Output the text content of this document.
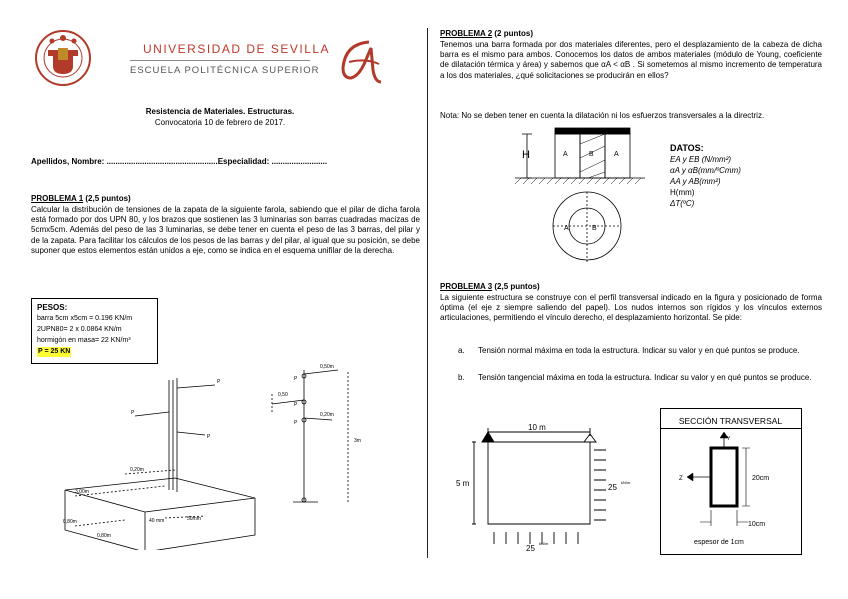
UNIVERSIDAD DE SEVILLA
ESCUELA POLITÉCNICA SUPERIOR
Resistencia de Materiales. Estructuras.
Convocatoria 10 de febrero de 2017.
Apellidos, Nombre: ..................................................Especialidad: .........................
PROBLEMA 1 (2,5 puntos)
Calcular la distribución de tensiones de la zapata de la siguiente farola, sabiendo que el pilar de dicha farola está formado por dos UPN 80, y los brazos que sostienen las 3 luminarias son barras cuadradas macizas de 5cmx5cm. Además del peso de las 3 luminarias, se debe tener en cuenta el peso de las 3 barras, del pilar y de la zapata. Para facilitar los cálculos de los pesos de las barras y del pilar, al igual que su posición, se debe suponer que estos elementos están unidos a eje, como se indica en el esquema unifilar de la derecha.
PESOS:
barra 5cm x5cm = 0.196 KN/m
2UPN80= 2 x 0.0864 KN/m
hormigón en masa= 22 KN/m³
P = 25 KN
P
P
P
0,20m
3.00m
0,80m
0,80m
40 mm	50mm
P
P
P
0,50m
0,50
0,20m
3m
PROBLEMA 2 (2 puntos)
Tenemos una barra formada por dos materiales diferentes, pero el desplazamiento de la cabeza de dicha barra es el mismo para ambos. Conocemos los datos de ambos materiales (módulo de Young, coeficiente de dilatación térmica y área) y sabemos que αA < αB . Si sometemos al mismo incremento de temperatura a los dos materiales, ¿qué solicitaciones se producirán en ellos?
Nota: No se deben tener en cuenta la dilatación ni los esfuerzos transversales a la directriz.
H	A	B	A
A	B
DATOS:
EA y EB (N/mm²)
αA y αB(mm/ºCmm)
AA y AB(mm²)
H(mm)
ΔT(ºC)
PROBLEMA 3 (2,5 puntos)
La siguiente estructura se construye con el perfil transversal indicado en la figura y posicionado de forma óptima (el eje z siempre saliendo del papel). Los nudos internos son rígidos y los vínculos externos articulaciones, permitiendo el vínculo derecho, el desplazamiento horizontal. Se pide:
a. Tensión normal máxima en toda la estructura. Indicar su valor y en qué puntos se produce.
b. Tensión tangencial máxima en toda la estructura. Indicar su valor y en qué puntos se produce.
10 m
5 m	25
kN/m
25
kN/m
SECCIÓN TRANSVERSAL
Y
Z	20cm
10cm
espesor de 1cm
